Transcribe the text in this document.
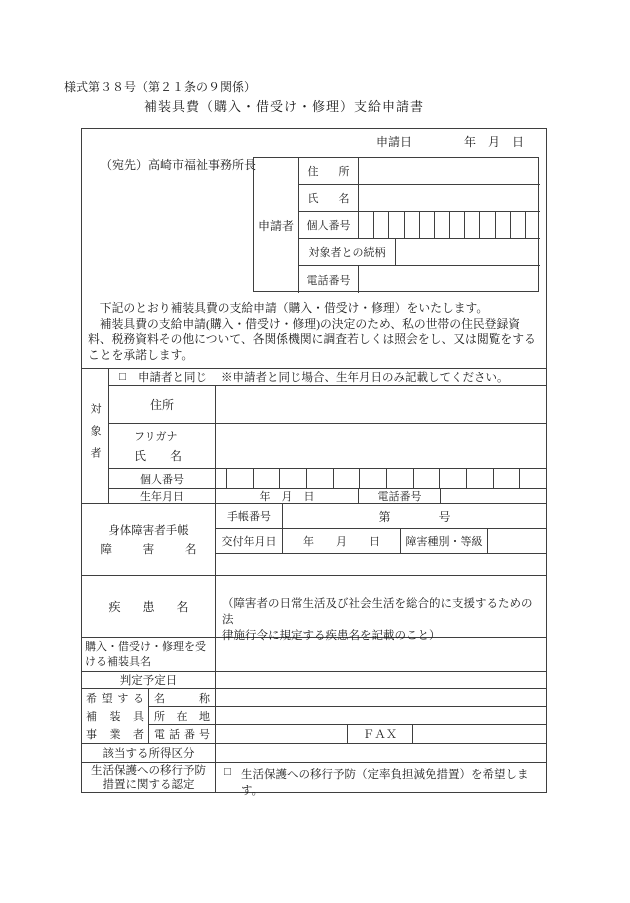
様式第３８号（第２１条の９関係）
補装具費（購入・借受け・修理）支給申請書
申請日	年　月　日
（宛先）高崎市福祉事務所長
申請者
住 所
氏 名
個人番号
対象者との続柄
電話番号

下記のとおり補装具費の支給申請（購入・借受け・修理）をいたします。

補装具費の支給申請(購入・借受け・修理)の決定のため、私の世帯の住民登録資料、税務資料その他について、各関係機関に調査若しくは照会をし、又は閲覧をすることを承諾します。

対象者
□ 申請者と同じ ※申請者と同じ場合、生年月日のみ記載してください。
住所
フリガナ
氏 名
個人番号
生年月日	年　月　日	電話番号
身体障害者手帳
障	害	名
手帳番号	第　　　　号
交付年月日	年　　月　　日	障害種別・等級
疾 患 名	（障害者の日常生活及び社会生活を総合的に支援するための法
律施行令に規定する疾患名を記載のこと）
購入・借受け・修理を受
ける補装具名
判定予定日
希 望 す る
補 装 具
事 業 者
名	称
所 在 地
電 話 番 号	ＦＡＸ
該当する所得区分
生活保護への移行予防
措置に関する認定
□ 生活保護への移行予防（定率負担減免措置）を希望します。
